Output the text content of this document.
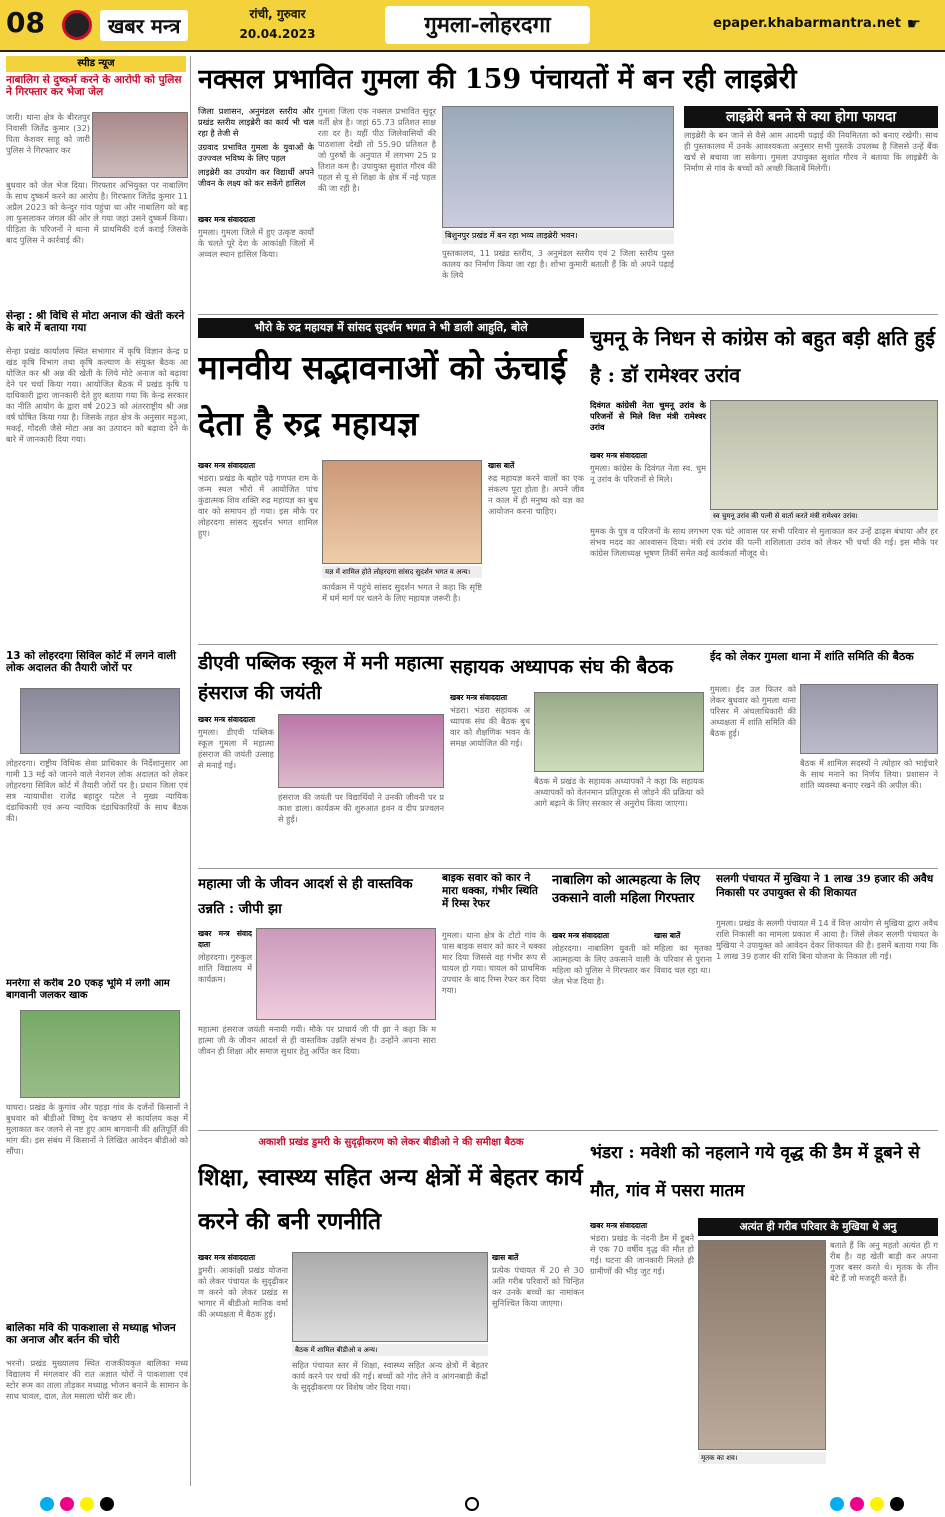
08	खबर मन्त्र	रांची, गुरुवार
20.04.2023	गुमला-लोहरदगा	epaper.khabarmantra.net ☛
स्पीड न्यूज
नाबालिग से दुष्कर्म करने के आरोपी को पुलिस ने गिरफ्तार कर भेजा जेल
जारी। थाना क्षेत्र के बीरतपुर निवासी जितेंद्र कुमार (32) पिता केशवर साहू को जारी पुलिस ने गिरफ्तार कर
बुधवार को जेल भेज दिया। गिरफ्तार अभियुक्त पर नाबालिग के साथ दुष्कर्म करने का आरोप है। गिरफ्तार जितेंद्र कुमार 11 अप्रैल 2023 को केन्दुर गांव पहुंचा था और नाबालिग को बहला फुसलाकर जंगल की ओर ले गया जहां उसने दुष्कर्म किया। पीड़िता के परिजनों ने थाना में प्राथमिकी दर्ज कराई जिसके बाद पुलिस ने कार्रवाई की।
सेन्हा : श्री विधि से मोटा अनाज की खेती करने के बारे में बताया गया
सेन्हा प्रखंड कार्यालय स्थित सभागार में कृषि विज्ञान केन्द्र प्रखंड कृषि विभाग तथा कृषि कल्याण के संयुक्त बैठक आयोजित कर श्री अन्न की खेती के लिये मोटे अनाज को बढ़ावा देने पर चर्चा किया गया। आयोजित बैठक में प्रखंड कृषि पदाधिकारी द्वारा जानकारी देते हुए बताया गया कि केन्द्र सरकार का नीति आयोग के द्वारा वर्ष 2023 को अंतरराष्ट्रीय श्री अन्न वर्ष घोषित किया गया है। जिसके तहत क्षेत्र के अनुसार मड़ुआ, मकई, गोंदली जैसे मोटा अन्न का उत्पादन को बढ़ावा देने के बारे में जानकारी दिया गया।
13 को लोहरदगा सिविल कोर्ट में लगने वाली लोक अदालत की तैयारी जोरों पर
लोहरदगा। राष्ट्रीय विधिक सेवा प्राधिकार के निर्देशानुसार आगामी 13 मई को जानने वाले नेशनल लोक अदालत को लेकर लोहरदगा सिविल कोर्ट में तैयारी जोरों पर है। प्रधान जिला एवं सत्र न्यायाधीश राजेंद्र बहादुर पटेल ने मुख्य न्यायिक दंडाधिकारी एवं अन्य न्यायिक दंडाधिकारियों के साथ बैठक की।
मनरेगा से करीब 20 एकड़ भूमि में लगी आम बागवानी जलकर खाक
घाघरा। प्रखंड के कुगांव और पहड़ा गांव के दर्जनों किसानों ने बुधवार को बीडीओ विष्णु देव कच्छप से कार्यालय कक्ष में मुलाकात कर जलने से नष्ट हुए आम बागवानी की क्षतिपूर्ति की मांग की। इस संबंध में किसानों ने लिखित आवेदन बीडीओ को सौंपा।
बालिका मवि की पाकशाला से मध्याह्न भोजन का अनाज और बर्तन की चोरी
भरनो। प्रखंड मुख्यालय स्थित राजकीयकृत बालिका मध्य विद्यालय में मंगलवार की रात अज्ञात चोरों ने पाकशाला एवं स्टोर रूम का ताला तोड़कर मध्याह्न भोजन बनाने के सामान के साथ चावल, दाल, तेल मसाला चोरी कर ली।
नक्सल प्रभावित गुमला की 159 पंचायतों में बन रही लाइब्रेरी

जिला प्रशासन, अनुमंडल स्तरीय और प्रखंड स्तरीय लाइब्रेरी का कार्य भी चल रहा है तेजी से

उग्रवाद प्रभावित गुमला के युवाओं के उज्ज्वल भविष्य के लिए पहल

लाइब्रेरी का उपयोग कर विद्यार्थी अपने जीवन के लक्ष्य को कर सकेंगे हासिल

खबर मन्त्र संवाददाता
गुमला। गुमला जिले में हुए उत्कृष्ट कार्यों के चलते पूरे देश के आकांक्षी जिलों में अव्वल स्थान हासिल किया।
गुमला जिला एक नक्सल प्रभावित सुदूरवर्ती क्षेत्र है। जहां 65.73 प्रतिशत साक्षरता दर है। यहीं पीठ जिलेवासियों की पाठशाला देखी तो 55.90 प्रतिशत है जो पुरुषों के अनुपात में लगभग 25 प्रतिशत कम है। उपायुक्त सुशांत गौरव की पहल से यू से शिक्षा के क्षेत्र में नई पहल की जा रही है।
बिशुनपुर प्रखंड में बन रहा भव्य लाइब्रेरी भवन।
पुस्तकालय, 11 प्रखंड स्तरीय, 3 अनुमंडल स्तरीय एवं 2 जिला स्तरीय पुस्तकालय का निर्माण किया जा रहा है। शोभा कुमारी बताती हैं कि वो अपने पढ़ाई के लिये
लाइब्रेरी बनने से क्या होगा फायदा
लाइब्रेरी के बन जाने से वैसे आम आदमी पढ़ाई की नियमितता को बनाए रखेगी। साथ ही पुस्तकालय में उनके आवश्यकता अनुसार सभी पुस्तकें उपलब्ध है जिससे उन्हें बैंक खर्च से बचाया जा सकेगा। गुमला उपायुक्त सुशांत गौरव ने बताया कि लाइब्रेरी के निर्माण से गांव के बच्चों को अच्छी किताबें मिलेगी।
भौरो के रुद्र महायज्ञ में सांसद सुदर्शन भगत ने भी डाली आहुति, बोले
मानवीय सद्भावनाओं को ऊंचाई देता है रुद्र महायज्ञ
खबर मन्त्र संवाददाता
भंडरा। प्रखंड के बहोर पढ़े गणपत राम के जन्म स्थल भौरो में आयोजित पांच कुंडात्मक शिव शक्ति रुद्र महायज्ञ का बुधवार को समापन हो गया। इस मौके पर लोहरदगा सांसद सुदर्शन भगत शामिल हुए।
यज्ञ में शामिल होते लोहरदगा सांसद सुदर्शन भगत व अन्य।
कार्यक्रम में पहुंचे सांसद सुदर्शन भगत ने कहा कि सृष्टि में धर्म मार्ग पर चलने के लिए महायज्ञ जरूरी है।
खास बातें
रुद्र महायज्ञ करने वालों का एक संकल्प पूरा होता है। अपने जीवन काल में ही मनुष्य को यज्ञ का आयोजन करना चाहिए।
चुमनू के निधन से कांग्रेस को बहुत बड़ी क्षति हुई है : डॉ रामेश्वर उरांव
दिवंगत कांग्रेसी नेता चुमनू उरांव के परिजनों से मिले वित्त मंत्री रामेश्वर उरांव
खबर मन्त्र संवाददाता
गुमला। कांग्रेस के दिवंगत नेता स्व. चुमनू उरांव के परिजनों से मिले।
स्व चुमनू उरांव की पत्नी से वार्ता करते मंत्री रामेश्वर उरांव।
मुमक के पुत्र व परिजनों के साथ लगभग एक घंटे आवास पर सभी परिवार से मुलाकात कर उन्हें ढाढ़स बंधाया और हरसंभव मदद का आश्वासन दिया। मंत्री रवं उरांव की पत्नी शशिलाता उरांव को लेकर भी चर्चा की गई। इस मौके पर कांग्रेस जिलाध्यक्ष भूषण तिर्की समेत कई कार्यकर्ता मौजूद थे।
डीएवी पब्लिक स्कूल में मनी महात्मा हंसराज की जयंती
खबर मन्त्र संवाददाता
गुमला। डीएवी पब्लिक स्कूल गुमला में महात्मा हंसराज की जयंती उत्साह से मनाई गई।
हंसराज की जयंती पर विद्यार्थियों ने उनकी जीवनी पर प्रकाश डाला। कार्यक्रम की शुरुआत हवन व दीप प्रज्वलन से हुई।
सहायक अध्यापक संघ की बैठक
खबर मन्त्र संवाददाता
भंडरा। भंडरा सहायक अध्यापक संघ की बैठक बुधवार को शैक्षणिक भवन के समक्ष आयोजित की गई।
बैठक में प्रखंड के सहायक अध्यापकों ने कहा कि सहायक अध्यापकों को वेतनमान प्रतिपूरक से जोड़ने की प्रक्रिया को आगे बढ़ाने के लिए सरकार से अनुरोध किया जाएगा।
ईद को लेकर गुमला थाना में शांति समिति की बैठक
गुमला। ईद उल फितर को लेकर बुधवार को गुमला थाना परिसर में अंचलाधिकारी की अध्यक्षता में शांति समिति की बैठक हुई।
बैठक में शामिल सदस्यों ने त्योहार को भाईचारे के साथ मनाने का निर्णय लिया। प्रशासन ने शांति व्यवस्था बनाए रखने की अपील की।
महात्मा जी के जीवन आदर्श से ही वास्तविक उन्नति : जीपी झा
खबर मन्त्र संवाददाता
लोहरदगा। गुरुकुल शांति विद्यालय में कार्यक्रम।
महात्मा हंसराज जयंती मनायी गयी। मौके पर प्राचार्य जी पी झा ने कहा कि महात्मा जी के जीवन आदर्श से ही वास्तविक उन्नति संभव है। उन्होंने अपना सारा जीवन ही शिक्षा और समाज सुधार हेतु अर्पित कर दिया।
बाइक सवार को कार ने मारा धक्का, गंभीर स्थिति में रिम्स रेफर
गुमला। थाना क्षेत्र के टोटो गांव के पास बाइक सवार को कार ने धक्का मार दिया जिससे वह गंभीर रूप से घायल हो गया। घायल को प्राथमिक उपचार के बाद रिम्स रेफर कर दिया गया।
नाबालिग को आत्महत्या के लिए उकसाने वाली महिला गिरफ्तार
खबर मन्त्र संवाददाता
लोहरदगा। नाबालिग युवती को आत्महत्या के लिए उकसाने वाली महिला को पुलिस ने गिरफ्तार कर जेल भेज दिया है।
खास बातें
महिला का मृतका के परिवार से पुराना विवाद चल रहा था।
सलगी पंचायत में मुखिया ने 1 लाख 39 हजार की अवैध निकासी पर उपायुक्त से की शिकायत
गुमला। प्रखंड के सलगी पंचायत में 14 वें वित्त आयोग से मुखिया द्वारा अवैध राशि निकासी का मामला प्रकाश में आया है। जिसे लेकर सलगी पंचायत के मुखिया ने उपायुक्त को आवेदन देकर शिकायत की है। इसमें बताया गया कि 1 लाख 39 हजार की राशि बिना योजना के निकाल ली गई।
अकाशी प्रखंड डुमरी के सुदृढ़ीकरण को लेकर बीडीओ ने की समीक्षा बैठक
शिक्षा, स्वास्थ्य सहित अन्य क्षेत्रों में बेहतर कार्य करने की बनी रणनीति
खबर मन्त्र संवाददाता
डुमरी। आकांक्षी प्रखंड योजना को लेकर पंचायत के सुदृढ़ीकरण करने को लेकर प्रखंड सभागार में बीडीओ मानिक वर्मा की अध्यक्षता में बैठक हुई।
बैठक में शामिल बीडीओ व अन्य।
सहित पंचायत स्तर में शिक्षा, स्वास्थ्य सहित अन्य क्षेत्रों में बेहतर कार्य करने पर चर्चा की गई। बच्चों को गोद लेने व आंगनबाड़ी केंद्रों के सुदृढ़ीकरण पर विशेष जोर दिया गया।
खास बातें
प्रत्येक पंचायत में 20 से 30 अति गरीब परिवारों को चिन्हित कर उनके बच्चों का नामांकन सुनिश्चित किया जाएगा।
भंडरा : मवेशी को नहलाने गये वृद्ध की डैम में डूबने से मौत, गांव में पसरा मातम
अत्यंत ही गरीब परिवार के मुखिया थे अनु
खबर मन्त्र संवाददाता
भंडरा। प्रखंड के नंदनी डैम में डूबने से एक 70 वर्षीय वृद्ध की मौत हो गई। घटना की जानकारी मिलते ही ग्रामीणों की भीड़ जुट गई।
मृतक का शव।
बताते हैं कि अनु महतो अत्यंत ही गरीब है। वह खेती बाड़ी कर अपना गुजर बसर करते थे। मृतक के तीन बेटे हैं जो मजदूरी करते हैं।
